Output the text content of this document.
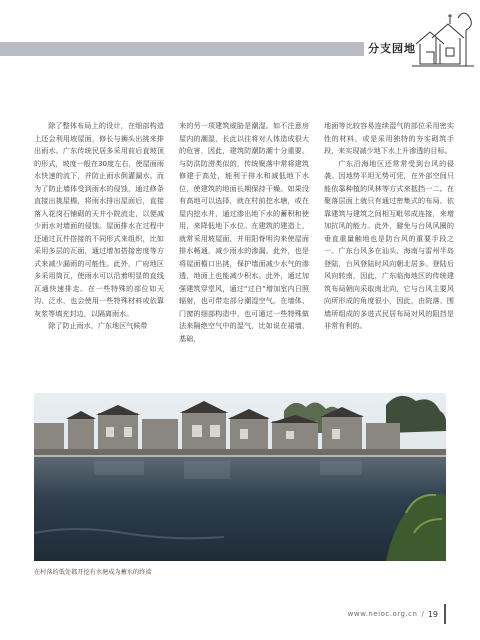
分支园地

除了整体布局上的设计，在细部构造上还会利用坡屋面，修长与狮头出挑来排出雨水。广东传统民居多采用前后直坡顶的形式，坡度一般在30度左右，使屋面雨水快速的流下，并防止雨水倒灌漏水。而为了防止墙体受到雨水的侵蚀，通过修条直接出挑屋檐，将雨水排出屋面后，直接落入花岗石铺砌的天井小院流走，以便减少雨水对墙面的侵蚀。屋面排水在过程中还通过瓦件搭接的不同形式来组织，比如采用多层的瓦面，通过增加搭接密度等方式来减少漏雨的可能性。此外，广府地区多采用筒瓦，使雨水可以沿着明显的直线瓦通快速排走。在一些特殊的部位如天沟、泛水，也会使用一些特殊材料或依靠灰浆等填充封边，以隔离雨水。

除了防止雨水，广东地区气候带

来的另一项建筑威胁是潮湿。如不注意房屋内的潮湿，长此以往将对人体造成很大的危害，因此，建筑防潮防潮十分重要。与防洪防涝类似的，传统聚落中常将建筑修建于高处，能利于排水和减低地下水位，使建筑的地面长期保持干燥。如果没有高地可以选择，就在村前挖水塘，或在屋内挖水井，通过渗出地下水的蓄积和使用，来降低地下水位。在建筑的建造上，就常采用坡屋面，并用阳脊明沟来使屋面排水畅通，减少雨水的渗漏。此外，也是将屋面檐口出挑，保护墙面减少水气的渗透，地面上也能减少积水。此外，通过加强建筑穿堂风，通过“过白”增加室内日照辐射，也可带走部分潮湿空气。在墙体、门窗的细部构造中，也可通过一些特殊做法来隔绝空气中的湿气，比如说在裙墙，基础，

地面等比较容易连续湿气的部位采用密实性的材料，或是采用独特的夯实砌筑手段，来实现减少地下水上升渗透的目标。

广东沿海地区还常常受到台风的侵袭。因地势平坦无势可凭，在外部空间只能依靠种植的风林等方式来抵挡一二。在聚落层面上就只有通过密集式的布局、依靠建筑与建筑之间相互毗邻成连接，来增加抗风的能力。此外，避免与台风风圈的垂直重量触地也是防台风的重要手段之一。广东台风多在汕头、海南与雷州半岛登陆，台风登陆时风向朝北居多。登陆后风向转南，因此，广东临海地区的传统建筑布局朝向采取南北向，它与台风主要风向所形成的角度很小，因此，由院落、围墙所组成的多进式民居布局对风的阻挡是非常有利的。

在村落的低处都开挖有水塘成为蓄水的终端
www.neioc.org.cn / 19
